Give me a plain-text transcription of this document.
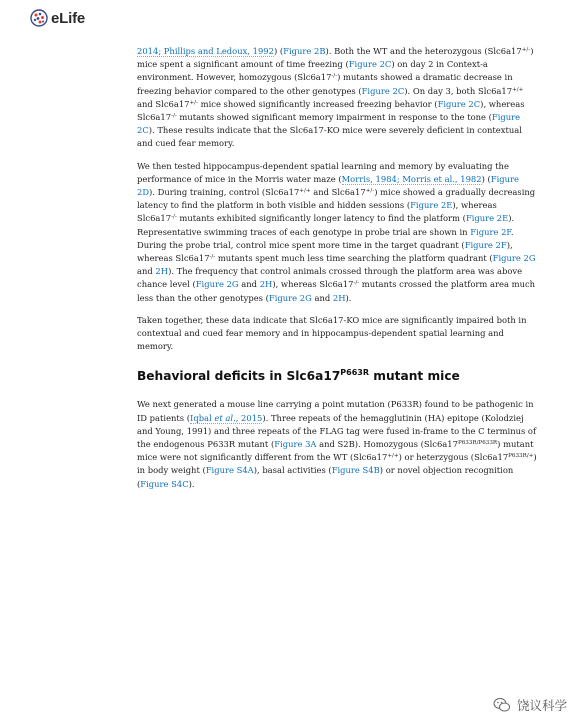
eLife

2014; Phillips and Ledoux, 1992) (Figure 2B). Both the WT and the heterozygous (Slc6a17+/-) mice spent a significant amount of time freezing (Figure 2C) on day 2 in Context-a environment. However, homozygous (Slc6a17-/-) mutants showed a dramatic decrease in freezing behavior compared to the other genotypes (Figure 2C). On day 3, both Slc6a17+/+ and Slc6a17+/- mice showed significantly increased freezing behavior (Figure 2C), whereas Slc6a17-/- mutants showed significant memory impairment in response to the tone (Figure 2C). These results indicate that the Slc6a17-KO mice were severely deficient in contextual and cued fear memory.

We then tested hippocampus-dependent spatial learning and memory by evaluating the performance of mice in the Morris water maze (Morris, 1984; Morris et al., 1982) (Figure 2D). During training, control (Slc6a17+/+ and Slc6a17+/-) mice showed a gradually decreasing latency to find the platform in both visible and hidden sessions (Figure 2E), whereas Slc6a17-/- mutants exhibited significantly longer latency to find the platform (Figure 2E). Representative swimming traces of each genotype in probe trial are shown in Figure 2F. During the probe trial, control mice spent more time in the target quadrant (Figure 2F), whereas Slc6a17-/- mutants spent much less time searching the platform quadrant (Figure 2G and 2H). The frequency that control animals crossed through the platform area was above chance level (Figure 2G and 2H), whereas Slc6a17-/- mutants crossed the platform area much less than the other genotypes (Figure 2G and 2H).

Taken together, these data indicate that Slc6a17-KO mice are significantly impaired both in contextual and cued fear memory and in hippocampus-dependent spatial learning and memory.

Behavioral deficits in $Slc6a17^{P663R}$ mutant mice

We next generated a mouse line carrying a point mutation (P633R) found to be pathogenic in ID patients (Iqbal et al., 2015). Three repeats of the hemagglutinin (HA) epitope (Kolodziej and Young, 1991) and three repeats of the FLAG tag were fused in-frame to the C terminus of the endogenous P633R mutant (Figure 3A and S2B). Homozygous $(Slc6a17^{P633R/P633R})$ mutant mice were not significantly different from the WT (Slc6a17+/+) or heterzygous $(Slc6a17^{P633R/+})$ in body weight (Figure S4A), basal activities (Figure S4B) or novel objection recognition (Figure S4C).

饶议科学
